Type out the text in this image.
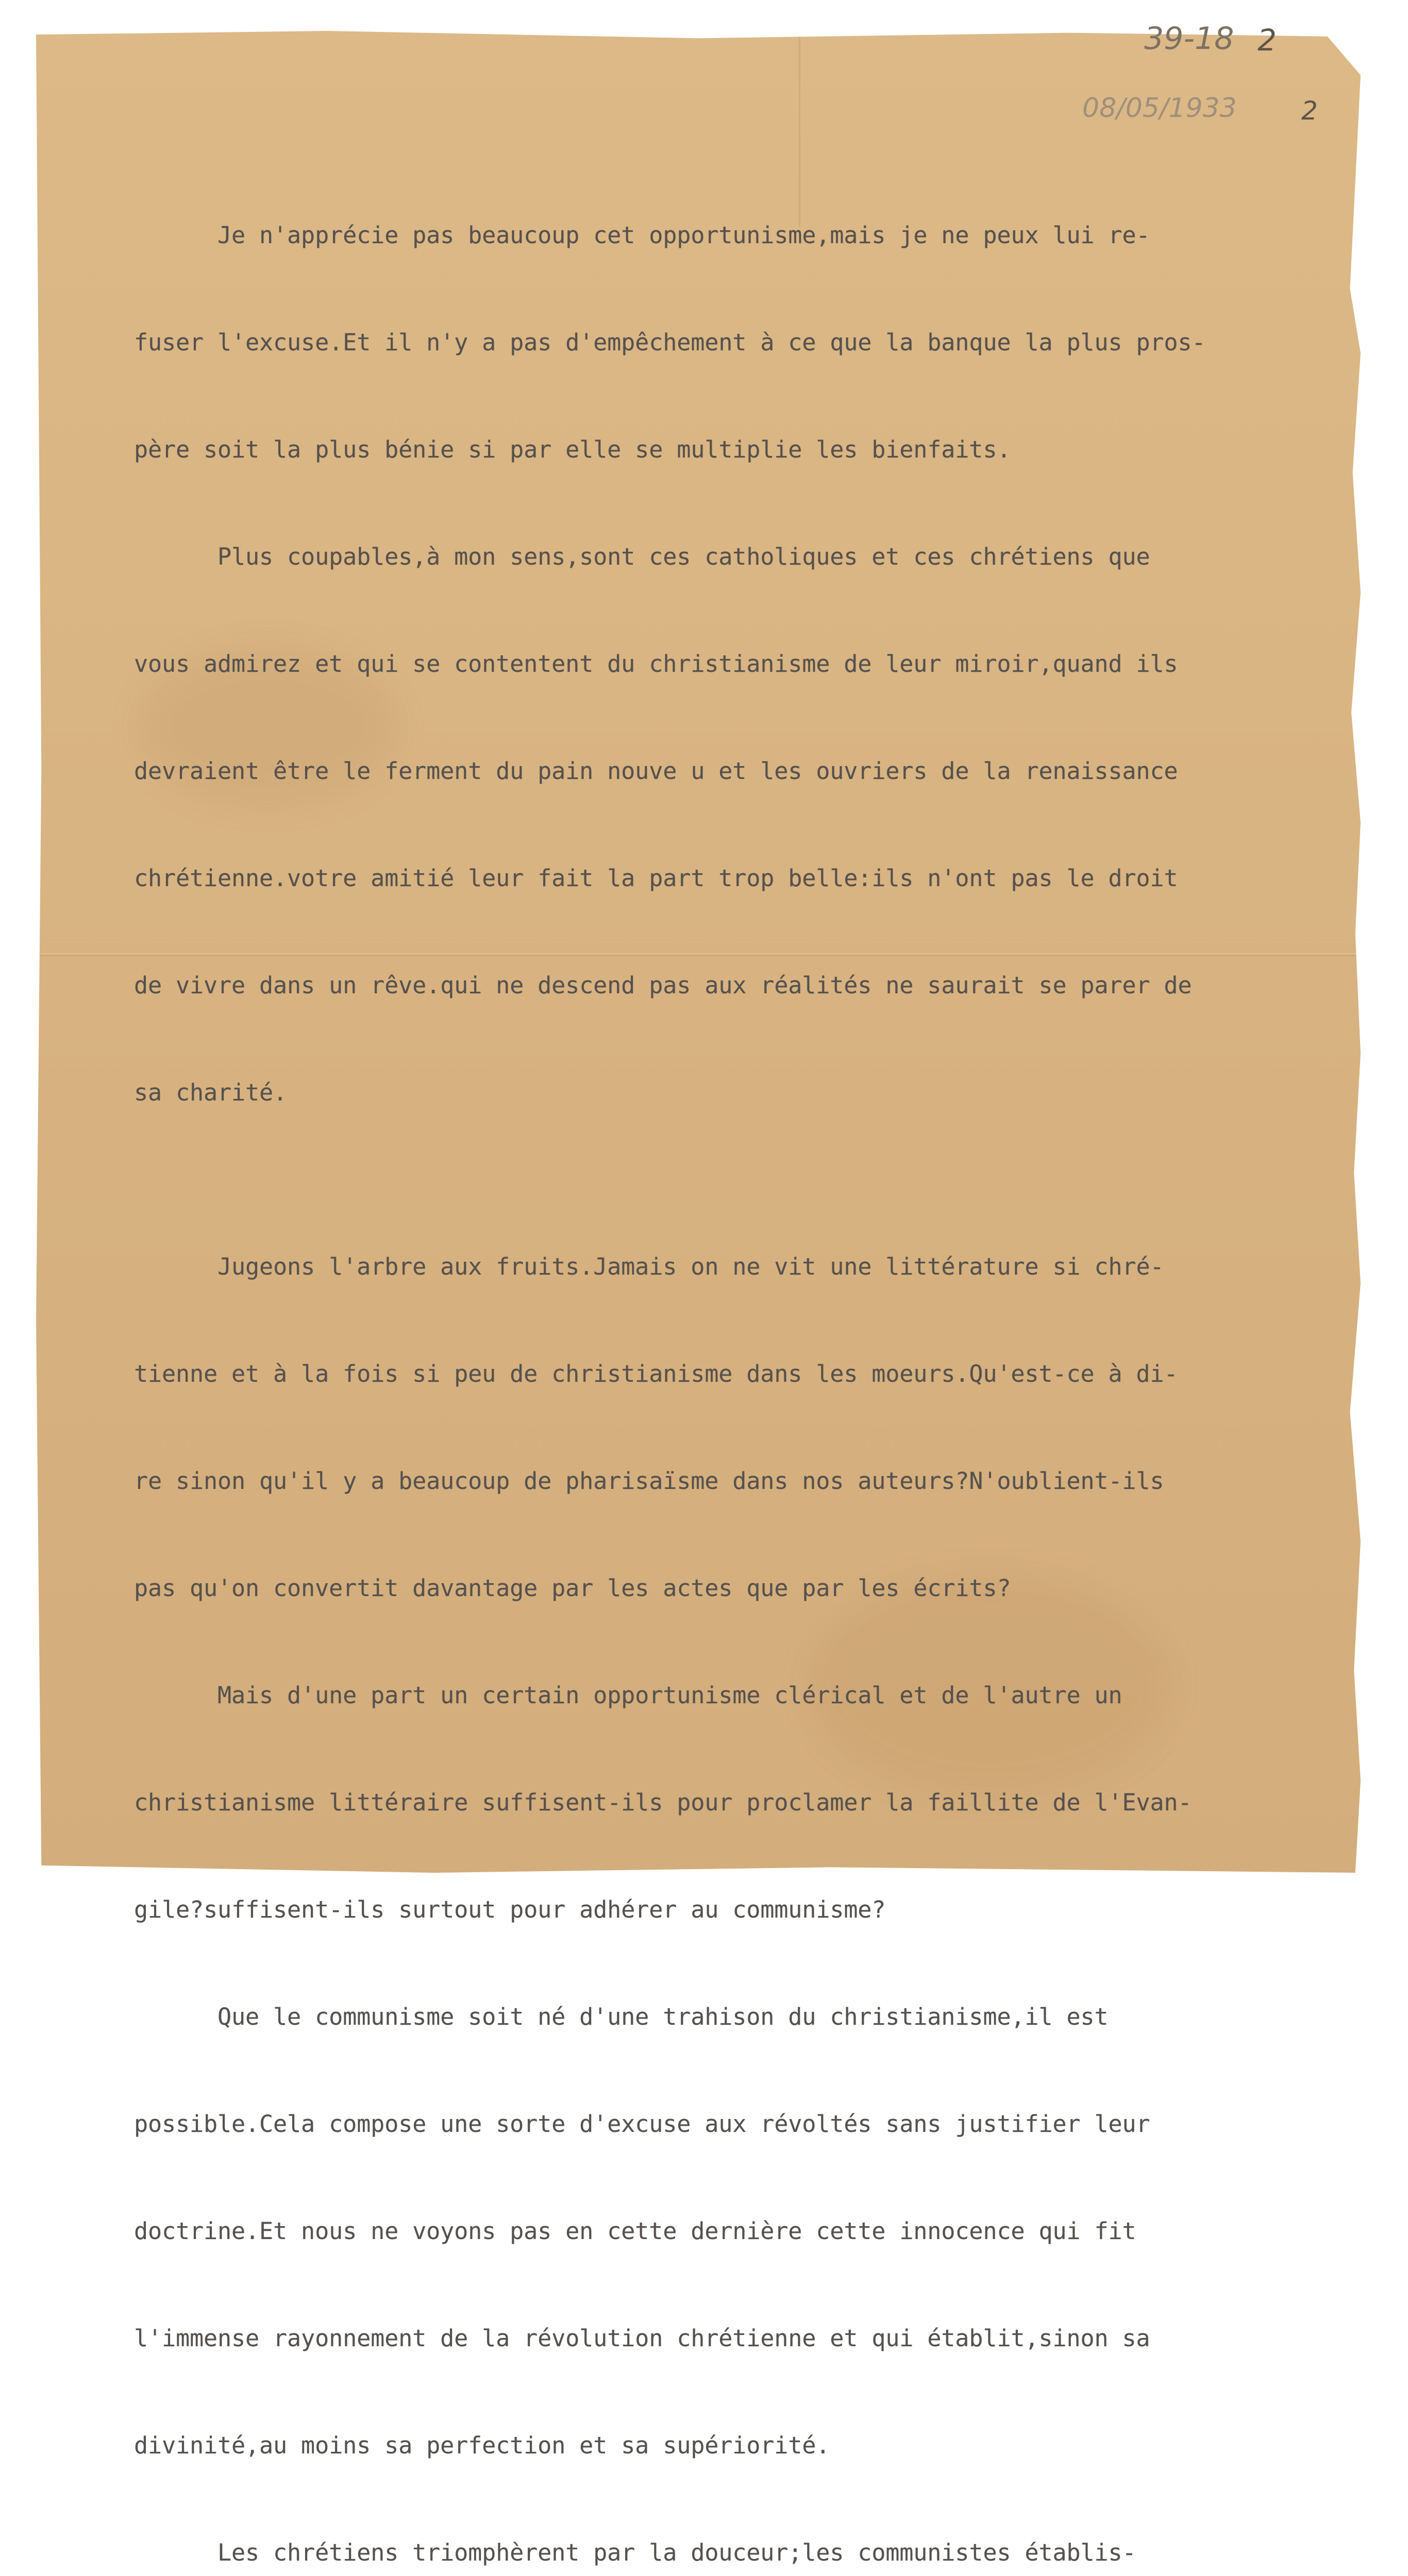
39-18 2
08/05/1933	2

Je n'apprécie pas beaucoup cet opportunisme,mais je ne peux lui re-

fuser l'excuse.Et il n'y a pas d'empêchement à ce que la banque la plus pros-

père soit la plus bénie si par elle se multiplie les bienfaits.

Plus coupables,à mon sens,sont ces catholiques et ces chrétiens que

vous admirez et qui se contentent du christianisme de leur miroir,quand ils

devraient être le ferment du pain nouve u et les ouvriers de la renaissance

chrétienne.votre amitié leur fait la part trop belle:ils n'ont pas le droit

de vivre dans un rêve.qui ne descend pas aux réalités ne saurait se parer de

sa charité.

Jugeons l'arbre aux fruits.Jamais on ne vit une littérature si chré-

tienne et à la fois si peu de christianisme dans les moeurs.Qu'est-ce à di-

re sinon qu'il y a beaucoup de pharisaïsme dans nos auteurs?N'oublient-ils

pas qu'on convertit davantage par les actes que par les écrits?

Mais d'une part un certain opportunisme clérical et de l'autre un

christianisme littéraire suffisent-ils pour proclamer la faillite de l'Evan-

gile?suffisent-ils surtout pour adhérer au communisme?

Que le communisme soit né d'une trahison du christianisme,il est

possible.Cela compose une sorte d'excuse aux révoltés sans justifier leur

doctrine.Et nous ne voyons pas en cette dernière cette innocence qui fit

l'immense rayonnement de la révolution chrétienne et qui établit,sinon sa

divinité,au moins sa perfection et sa supériorité.

Les chrétiens triomphèrent par la douceur;les communistes établis-
